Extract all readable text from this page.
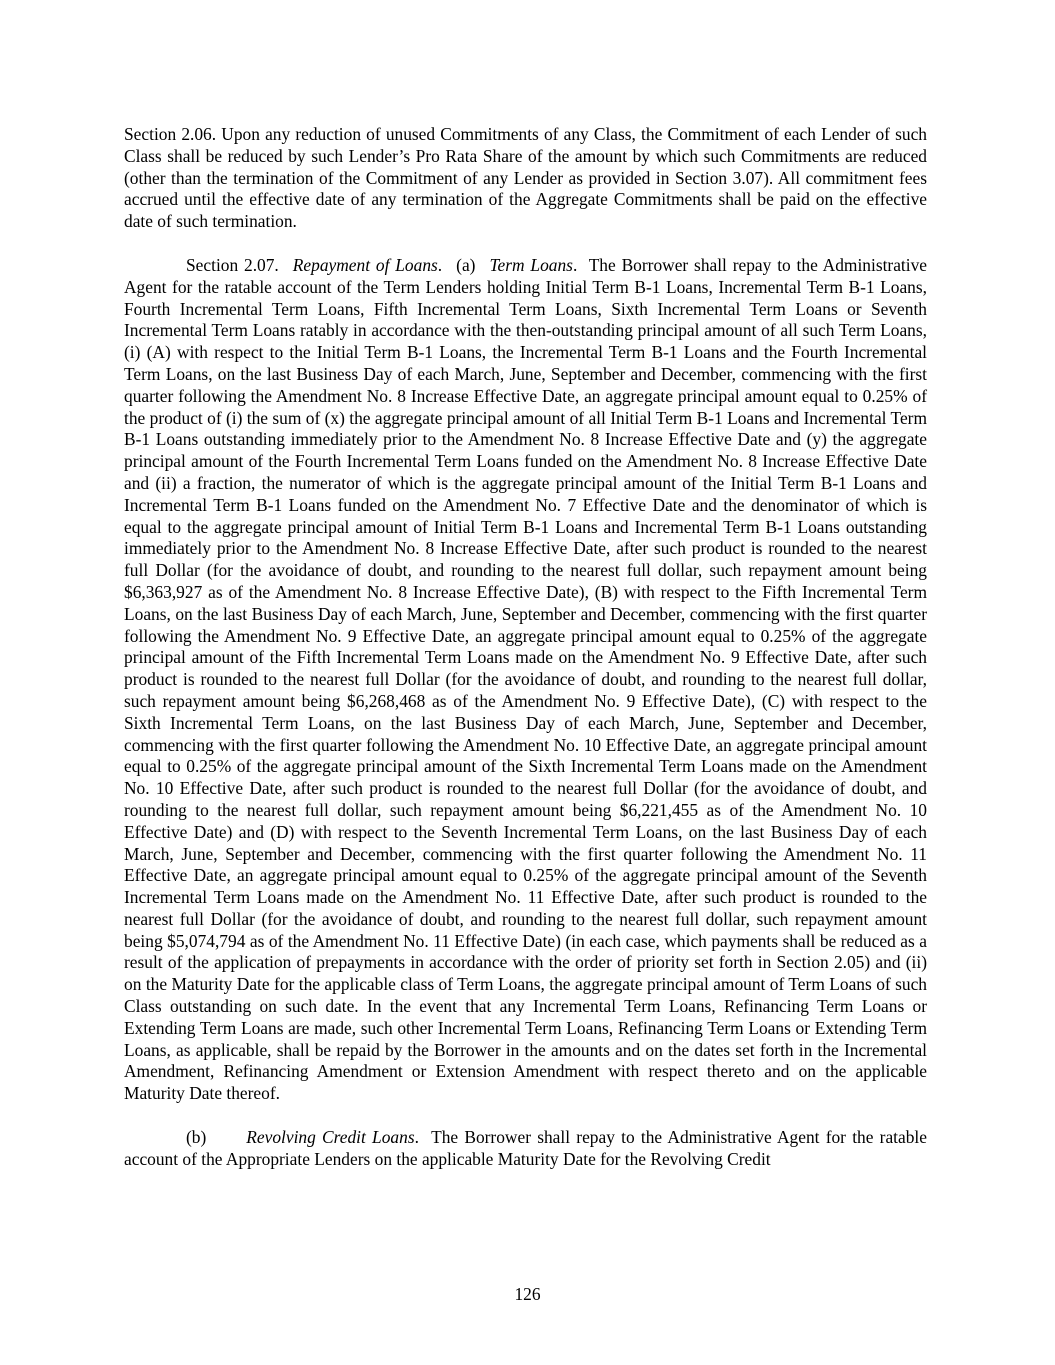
Section 2.06. Upon any reduction of unused Commitments of any Class, the Commitment of each Lender of such Class shall be reduced by such Lender’s Pro Rata Share of the amount by which such Commitments are reduced (other than the termination of the Commitment of any Lender as provided in Section 3.07). All commitment fees accrued until the effective date of any termination of the Aggregate Commitments shall be paid on the effective date of such termination.

Section 2.07. Repayment of Loans. (a) Term Loans.  The Borrower shall repay to the Administrative Agent for the ratable account of the Term Lenders holding Initial Term B-1 Loans, Incremental Term B-1 Loans, Fourth Incremental Term Loans, Fifth Incremental Term Loans, Sixth Incremental Term Loans or Seventh Incremental Term Loans ratably in accordance with the then-outstanding principal amount of all such Term Loans, (i) (A) with respect to the Initial Term B-1 Loans, the Incremental Term B-1 Loans and the Fourth Incremental Term Loans, on the last Business Day of each March, June, September and December, commencing with the first quarter following the Amendment No. 8 Increase Effective Date, an aggregate principal amount equal to 0.25% of the product of (i) the sum of (x) the aggregate principal amount of all Initial Term B-1 Loans and Incremental Term B-1 Loans outstanding immediately prior to the Amendment No. 8 Increase Effective Date and (y) the aggregate principal amount of the Fourth Incremental Term Loans funded on the Amendment No. 8 Increase Effective Date and (ii) a fraction, the numerator of which is the aggregate principal amount of the Initial Term B-1 Loans and Incremental Term B-1 Loans funded on the Amendment No. 7 Effective Date and the denominator of which is equal to the aggregate principal amount of Initial Term B-1 Loans and Incremental Term B-1 Loans outstanding immediately prior to the Amendment No. 8 Increase Effective Date, after such product is rounded to the nearest full Dollar (for the avoidance of doubt, and rounding to the nearest full dollar, such repayment amount being $6,363,927 as of the Amendment No. 8 Increase Effective Date), (B) with respect to the Fifth Incremental Term Loans, on the last Business Day of each March, June, September and December, commencing with the first quarter following the Amendment No. 9 Effective Date, an aggregate principal amount equal to 0.25% of the aggregate principal amount of the Fifth Incremental Term Loans made on the Amendment No. 9 Effective Date, after such product is rounded to the nearest full Dollar (for the avoidance of doubt, and rounding to the nearest full dollar, such repayment amount being $6,268,468 as of the Amendment No. 9 Effective Date), (C) with respect to the Sixth Incremental Term Loans, on the last Business Day of each March, June, September and December, commencing with the first quarter following the Amendment No. 10 Effective Date, an aggregate principal amount equal to 0.25% of the aggregate principal amount of the Sixth Incremental Term Loans made on the Amendment No. 10 Effective Date, after such product is rounded to the nearest full Dollar (for the avoidance of doubt, and rounding to the nearest full dollar, such repayment amount being $6,221,455 as of the Amendment No. 10 Effective Date) and (D) with respect to the Seventh Incremental Term Loans, on the last Business Day of each March, June, September and December, commencing with the first quarter following the Amendment No. 11 Effective Date, an aggregate principal amount equal to 0.25% of the aggregate principal amount of the Seventh Incremental Term Loans made on the Amendment No. 11 Effective Date, after such product is rounded to the nearest full Dollar (for the avoidance of doubt, and rounding to the nearest full dollar, such repayment amount being $5,074,794 as of the Amendment No. 11 Effective Date) (in each case, which payments shall be reduced as a result of the application of prepayments in accordance with the order of priority set forth in Section 2.05) and (ii) on the Maturity Date for the applicable class of Term Loans, the aggregate principal amount of Term Loans of such Class outstanding on such date. In the event that any Incremental Term Loans, Refinancing Term Loans or Extending Term Loans are made, such other Incremental Term Loans, Refinancing Term Loans or Extending Term Loans, as applicable, shall be repaid by the Borrower in the amounts and on the dates set forth in the Incremental Amendment, Refinancing Amendment or Extension Amendment with respect thereto and on the applicable Maturity Date thereof.

(b) Revolving Credit Loans.  The Borrower shall repay to the Administrative Agent for the ratable account of the Appropriate Lenders on the applicable Maturity Date for the Revolving Credit

126
